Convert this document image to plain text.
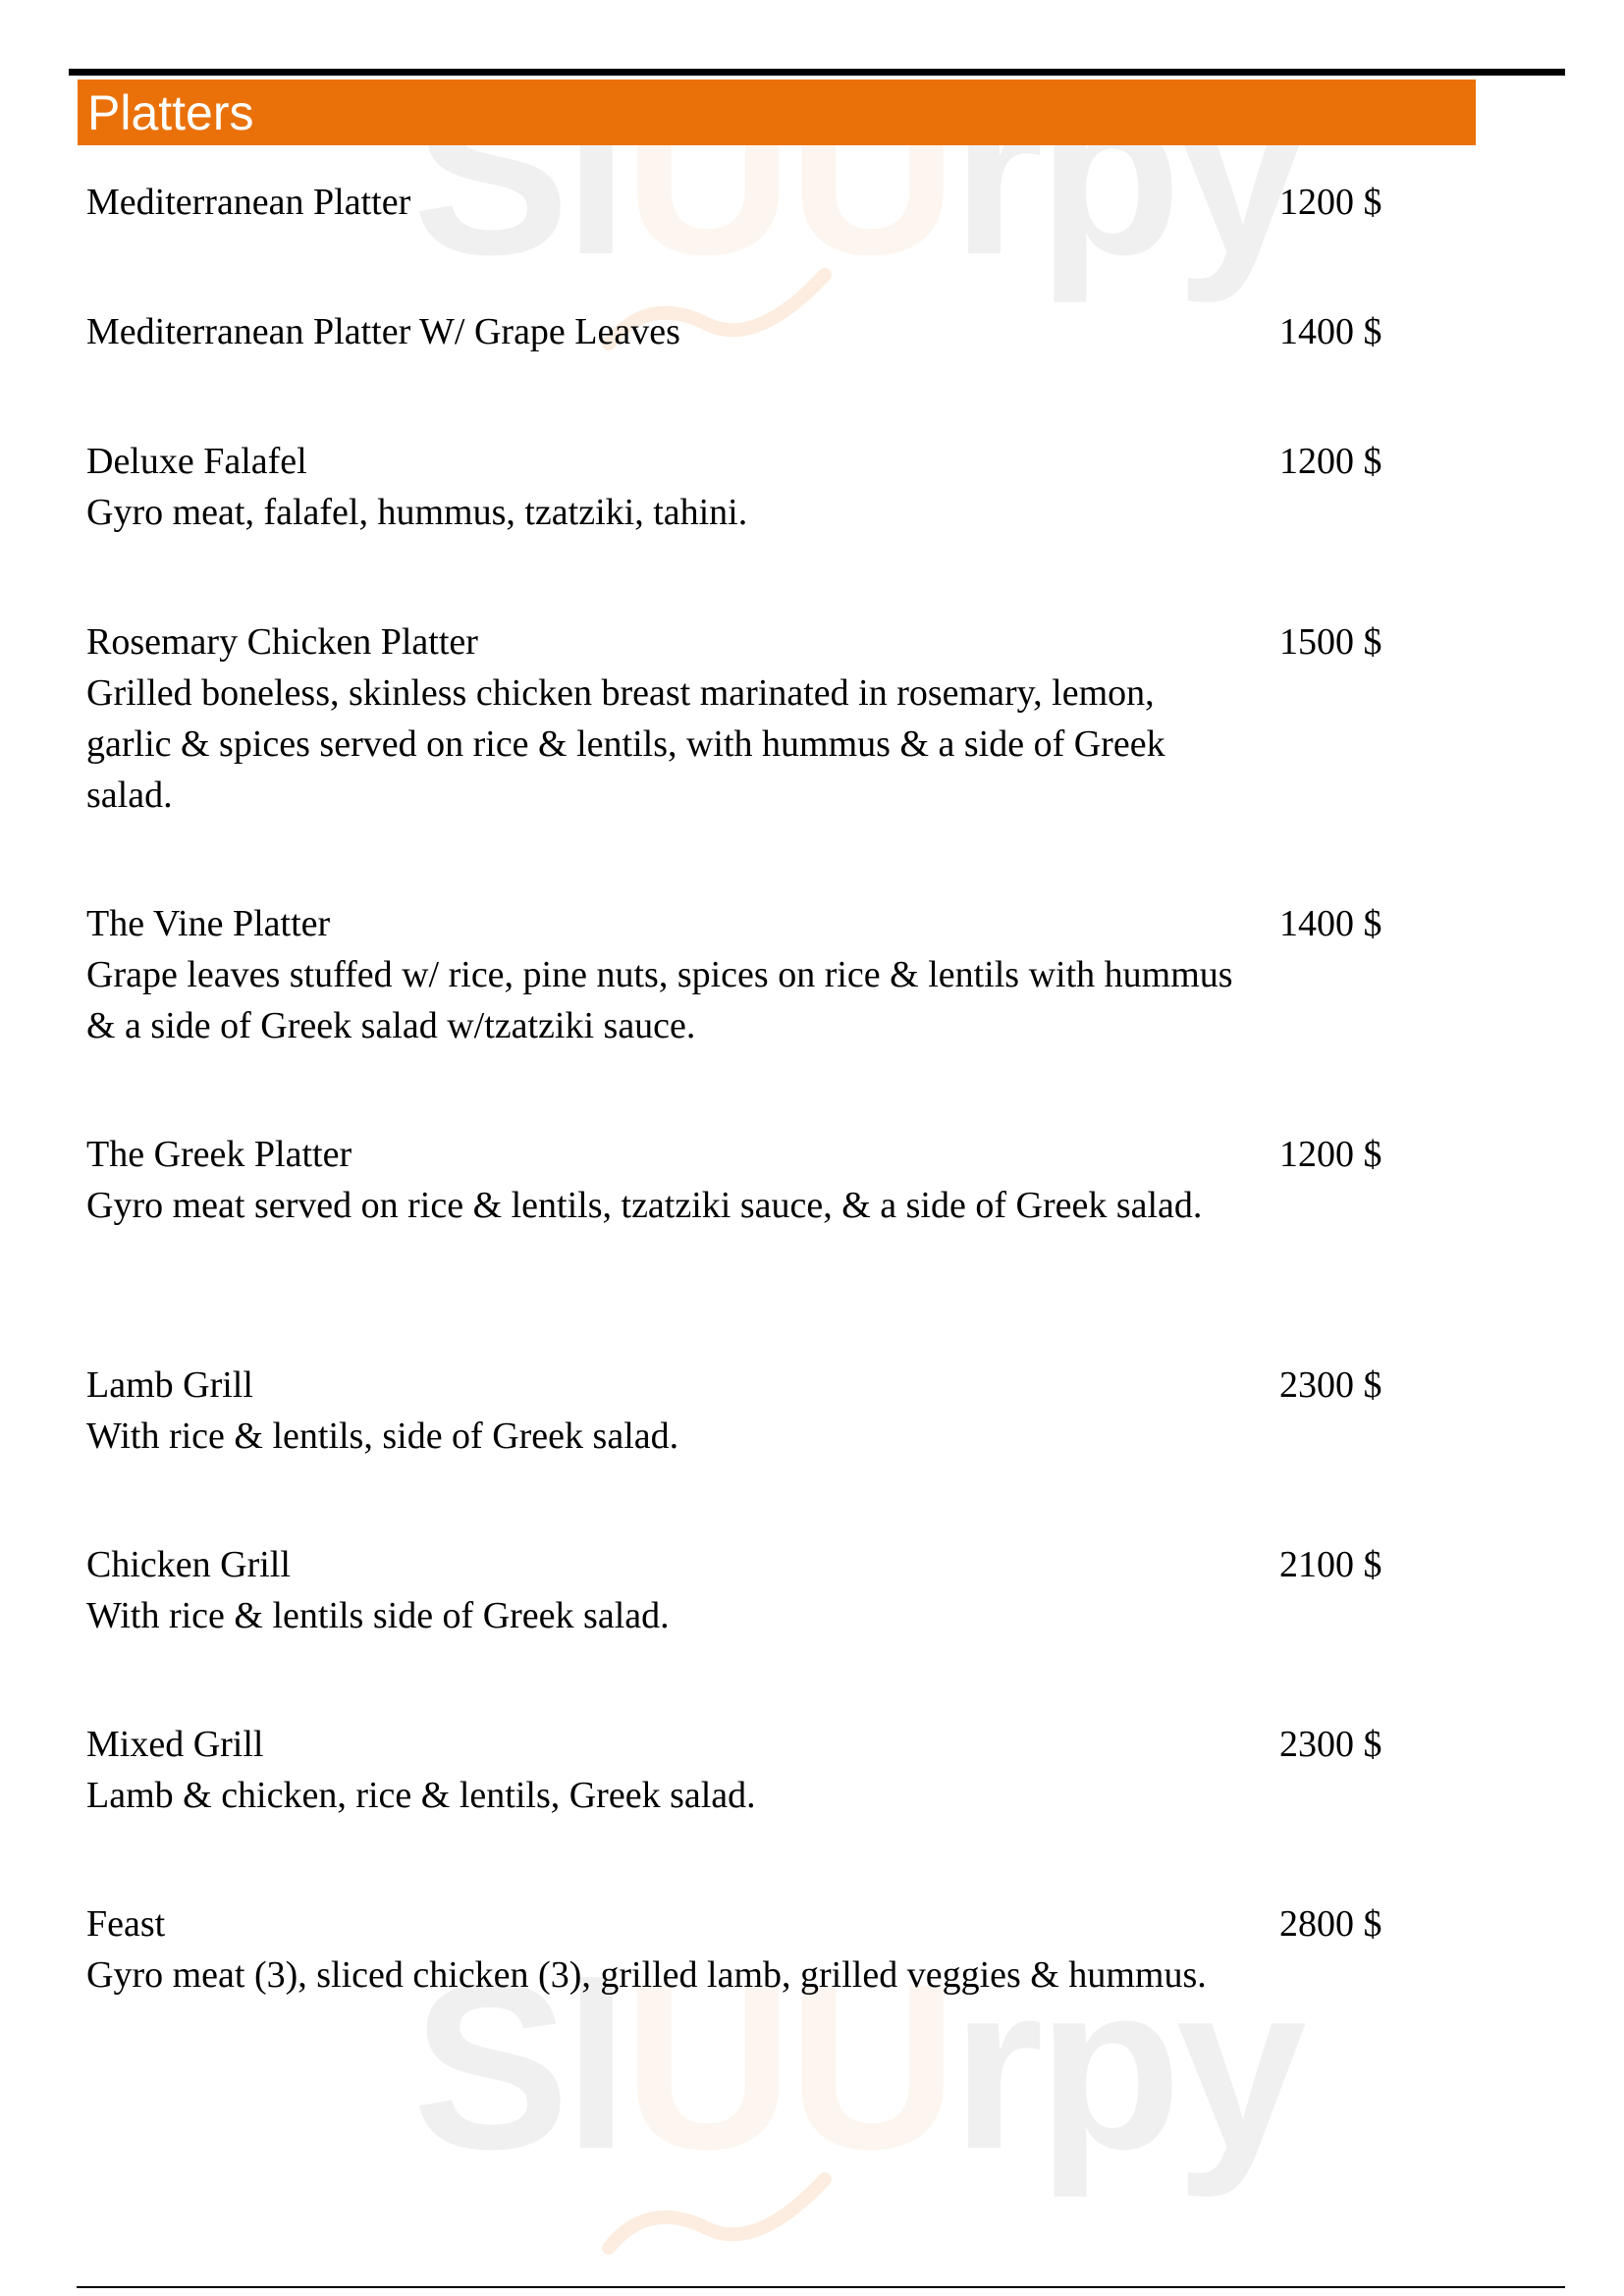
SlUUrpy
SlUUrpy
Platters
Mediterranean Platter	1200 $
Mediterranean Platter W/ Grape Leaves	1400 $
Deluxe Falafel
Gyro meat, falafel, hummus, tzatziki, tahini.
1200 $
Rosemary Chicken Platter
Grilled boneless, skinless chicken breast marinated in rosemary, lemon, garlic & spices served on rice & lentils, with hummus & a side of Greek salad.
1500 $
The Vine Platter
Grape leaves stuffed w/ rice, pine nuts, spices on rice & lentils with hummus & a side of Greek salad w/tzatziki sauce.
1400 $
The Greek Platter
Gyro meat served on rice & lentils, tzatziki sauce, & a side of Greek salad.
1200 $
Lamb Grill
With rice & lentils, side of Greek salad.
2300 $
Chicken Grill
With rice & lentils side of Greek salad.
2100 $
Mixed Grill
Lamb & chicken, rice & lentils, Greek salad.
2300 $
Feast
Gyro meat (3), sliced chicken (3), grilled lamb, grilled veggies & hummus.
2800 $
